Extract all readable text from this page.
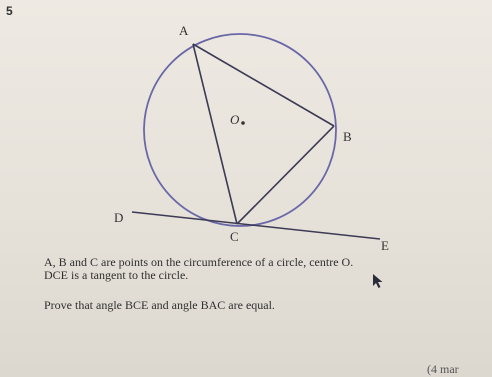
5
A
B
C
D
E
O
A, B and C are points on the circumference of a circle, centre O.
DCE is a tangent to the circle.
Prove that angle BCE and angle BAC are equal.
(4 mar
